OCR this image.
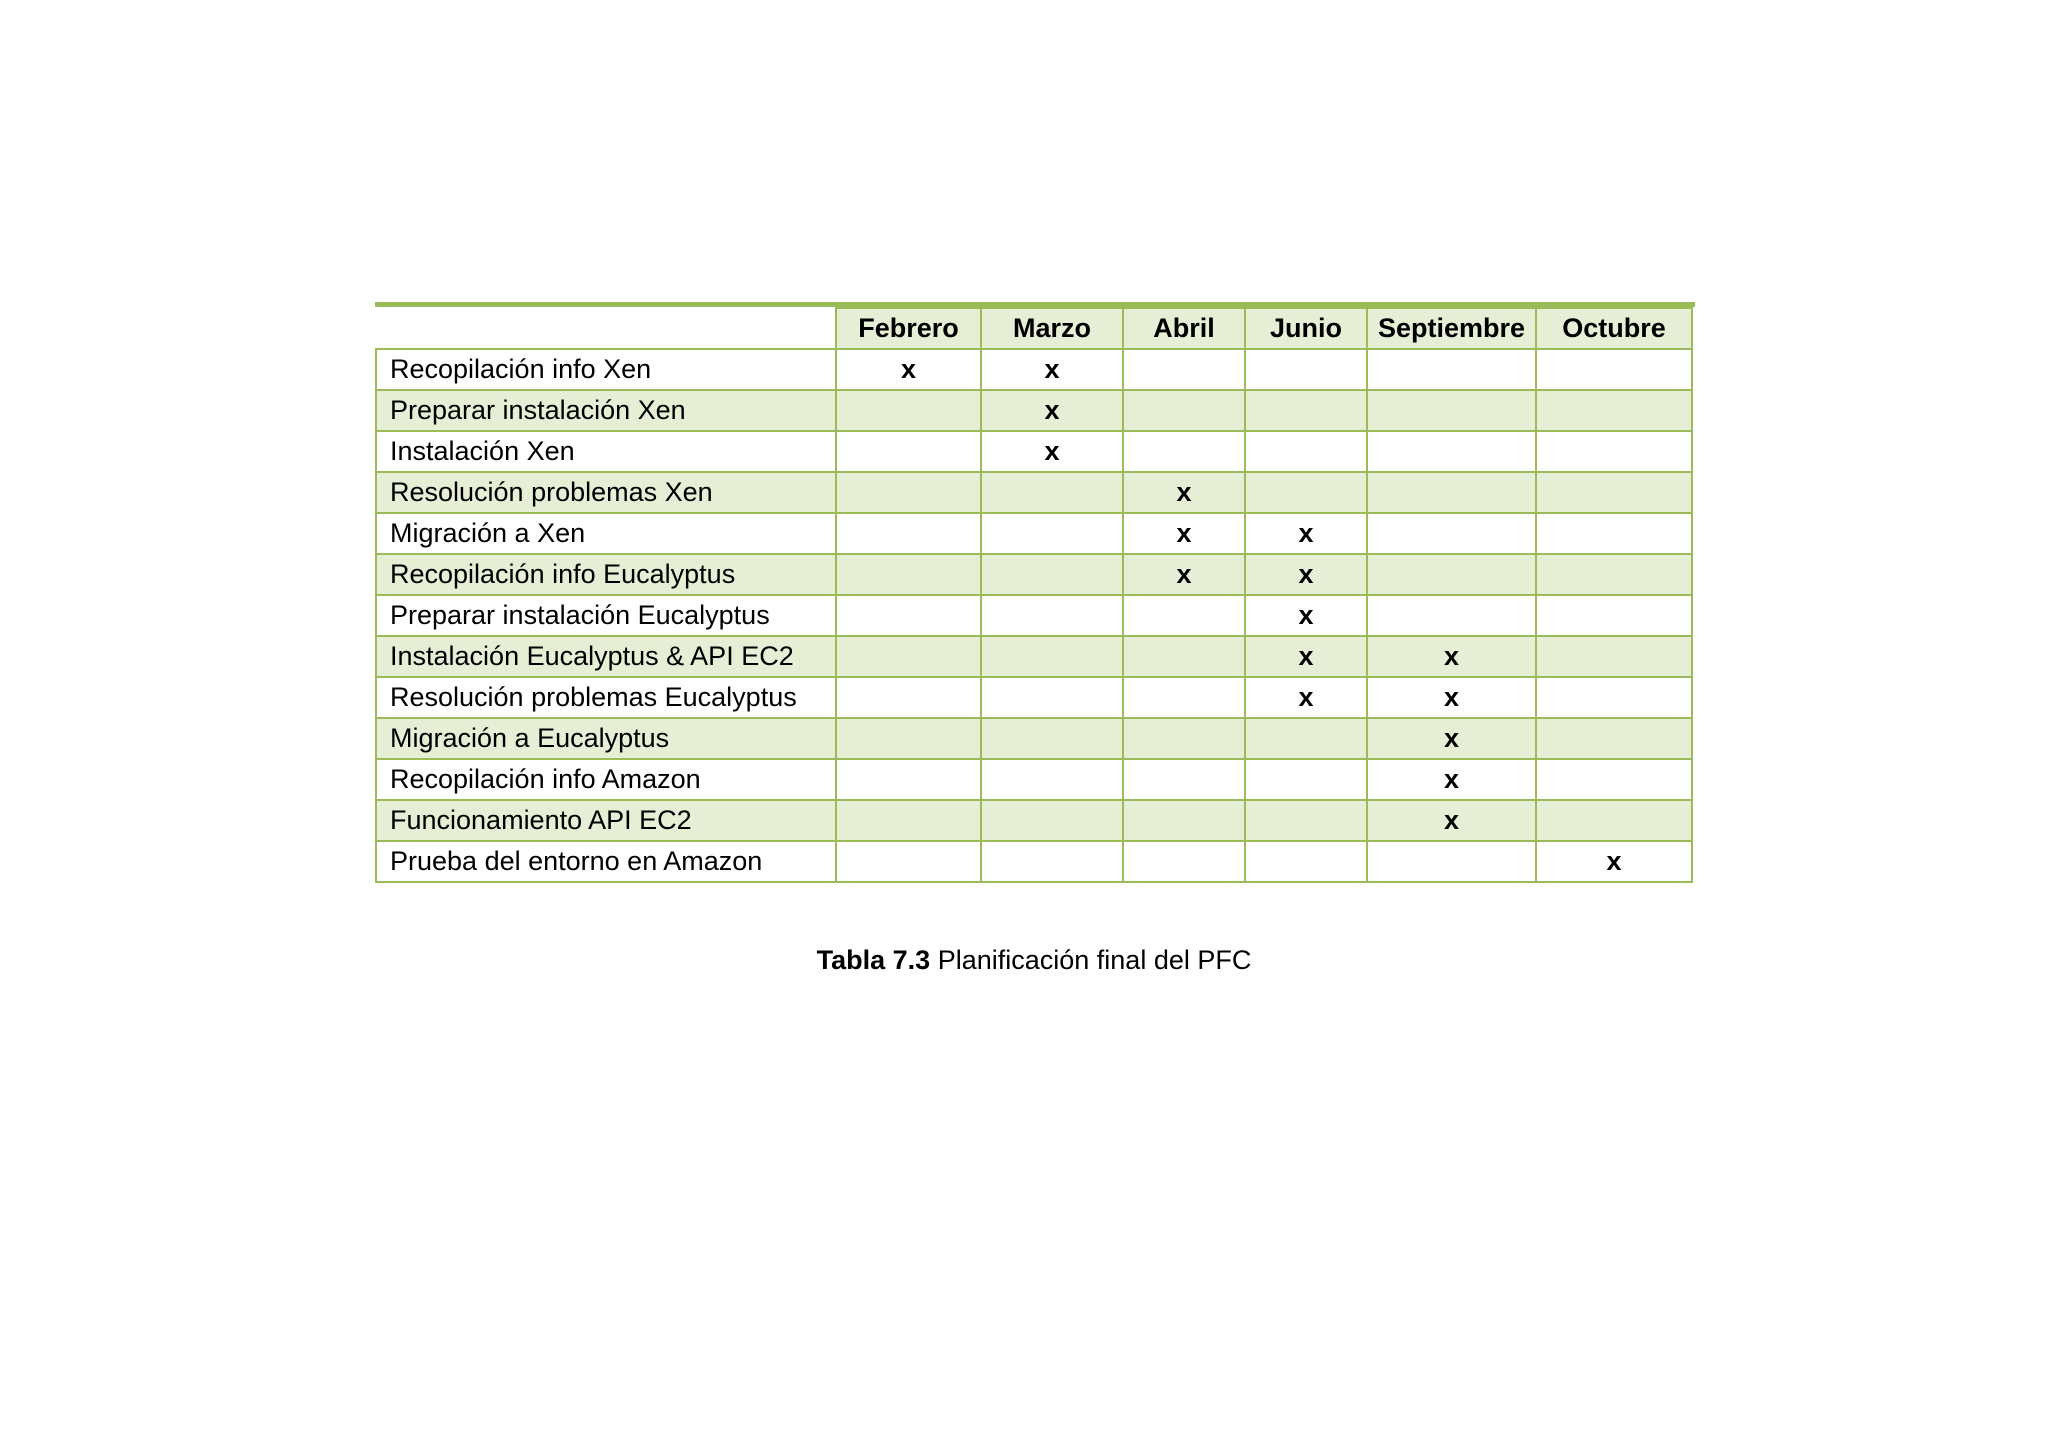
	Febrero	Marzo	Abril	Junio	Septiembre	Octubre
Recopilación info Xen	x	x				
Preparar instalación Xen		x				
Instalación Xen		x				
Resolución problemas Xen			x			
Migración a Xen			x	x		
Recopilación info Eucalyptus			x	x		
Preparar instalación Eucalyptus				x		
Instalación Eucalyptus & API EC2				x	x	
Resolución problemas Eucalyptus				x	x	
Migración a Eucalyptus					x	
Recopilación info Amazon					x	
Funcionamiento API EC2					x	
Prueba del entorno en Amazon						x
Tabla 7.3 Planificación final del PFC
